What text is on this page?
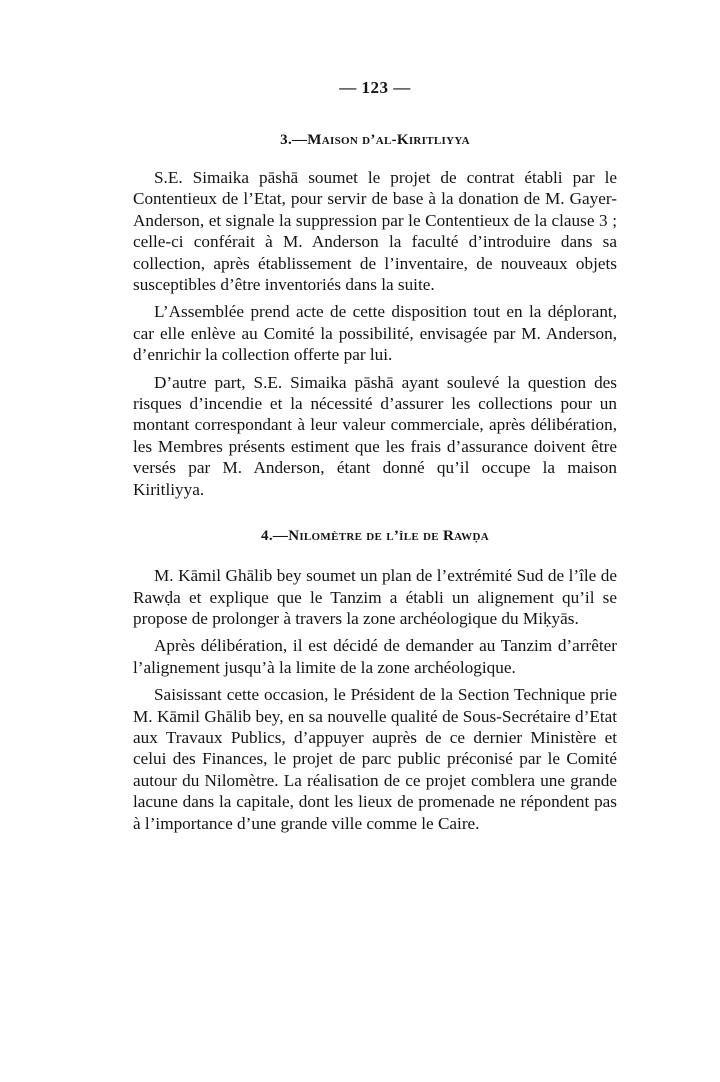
— 123 —
3.—Maison d’al-Kiritliyya

S.E. Simaika pāshā soumet le projet de contrat établi par le Contentieux de l’Etat, pour servir de base à la donation de M. Gayer-Anderson, et signale la suppression par le Contentieux de la clause 3 ; celle-ci conférait à M. Anderson la faculté d’introduire dans sa collection, après établissement de l’inventaire, de nouveaux objets susceptibles d’être inventoriés dans la suite.

L’Assemblée prend acte de cette disposition tout en la déplorant, car elle enlève au Comité la possibilité, envisagée par M. Anderson, d’enrichir la collection offerte par lui.

D’autre part, S.E. Simaika pāshā ayant soulevé la question des risques d’incendie et la nécessité d’assurer les collections pour un montant correspondant à leur valeur commerciale, après délibération, les Membres présents estiment que les frais d’assurance doivent être versés par M. Anderson, étant donné qu’il occupe la maison Kiritliyya.

4.—Nilomètre de l’île de Rawḍa

M. Kāmil Ghālib bey soumet un plan de l’extrémité Sud de l’île de Rawḍa et explique que le Tanzim a établi un alignement qu’il se propose de prolonger à travers la zone archéologique du Miḳyās.

Après délibération, il est décidé de demander au Tanzim d’arrêter l’alignement jusqu’à la limite de la zone archéologique.

Saisissant cette occasion, le Président de la Section Technique prie M. Kāmil Ghālib bey, en sa nouvelle qualité de Sous-Secrétaire d’Etat aux Travaux Publics, d’appuyer auprès de ce dernier Ministère et celui des Finances, le projet de parc public préconisé par le Comité autour du Nilomètre. La réalisation de ce projet comblera une grande lacune dans la capitale, dont les lieux de promenade ne répondent pas à l’importance d’une grande ville comme le Caire.
